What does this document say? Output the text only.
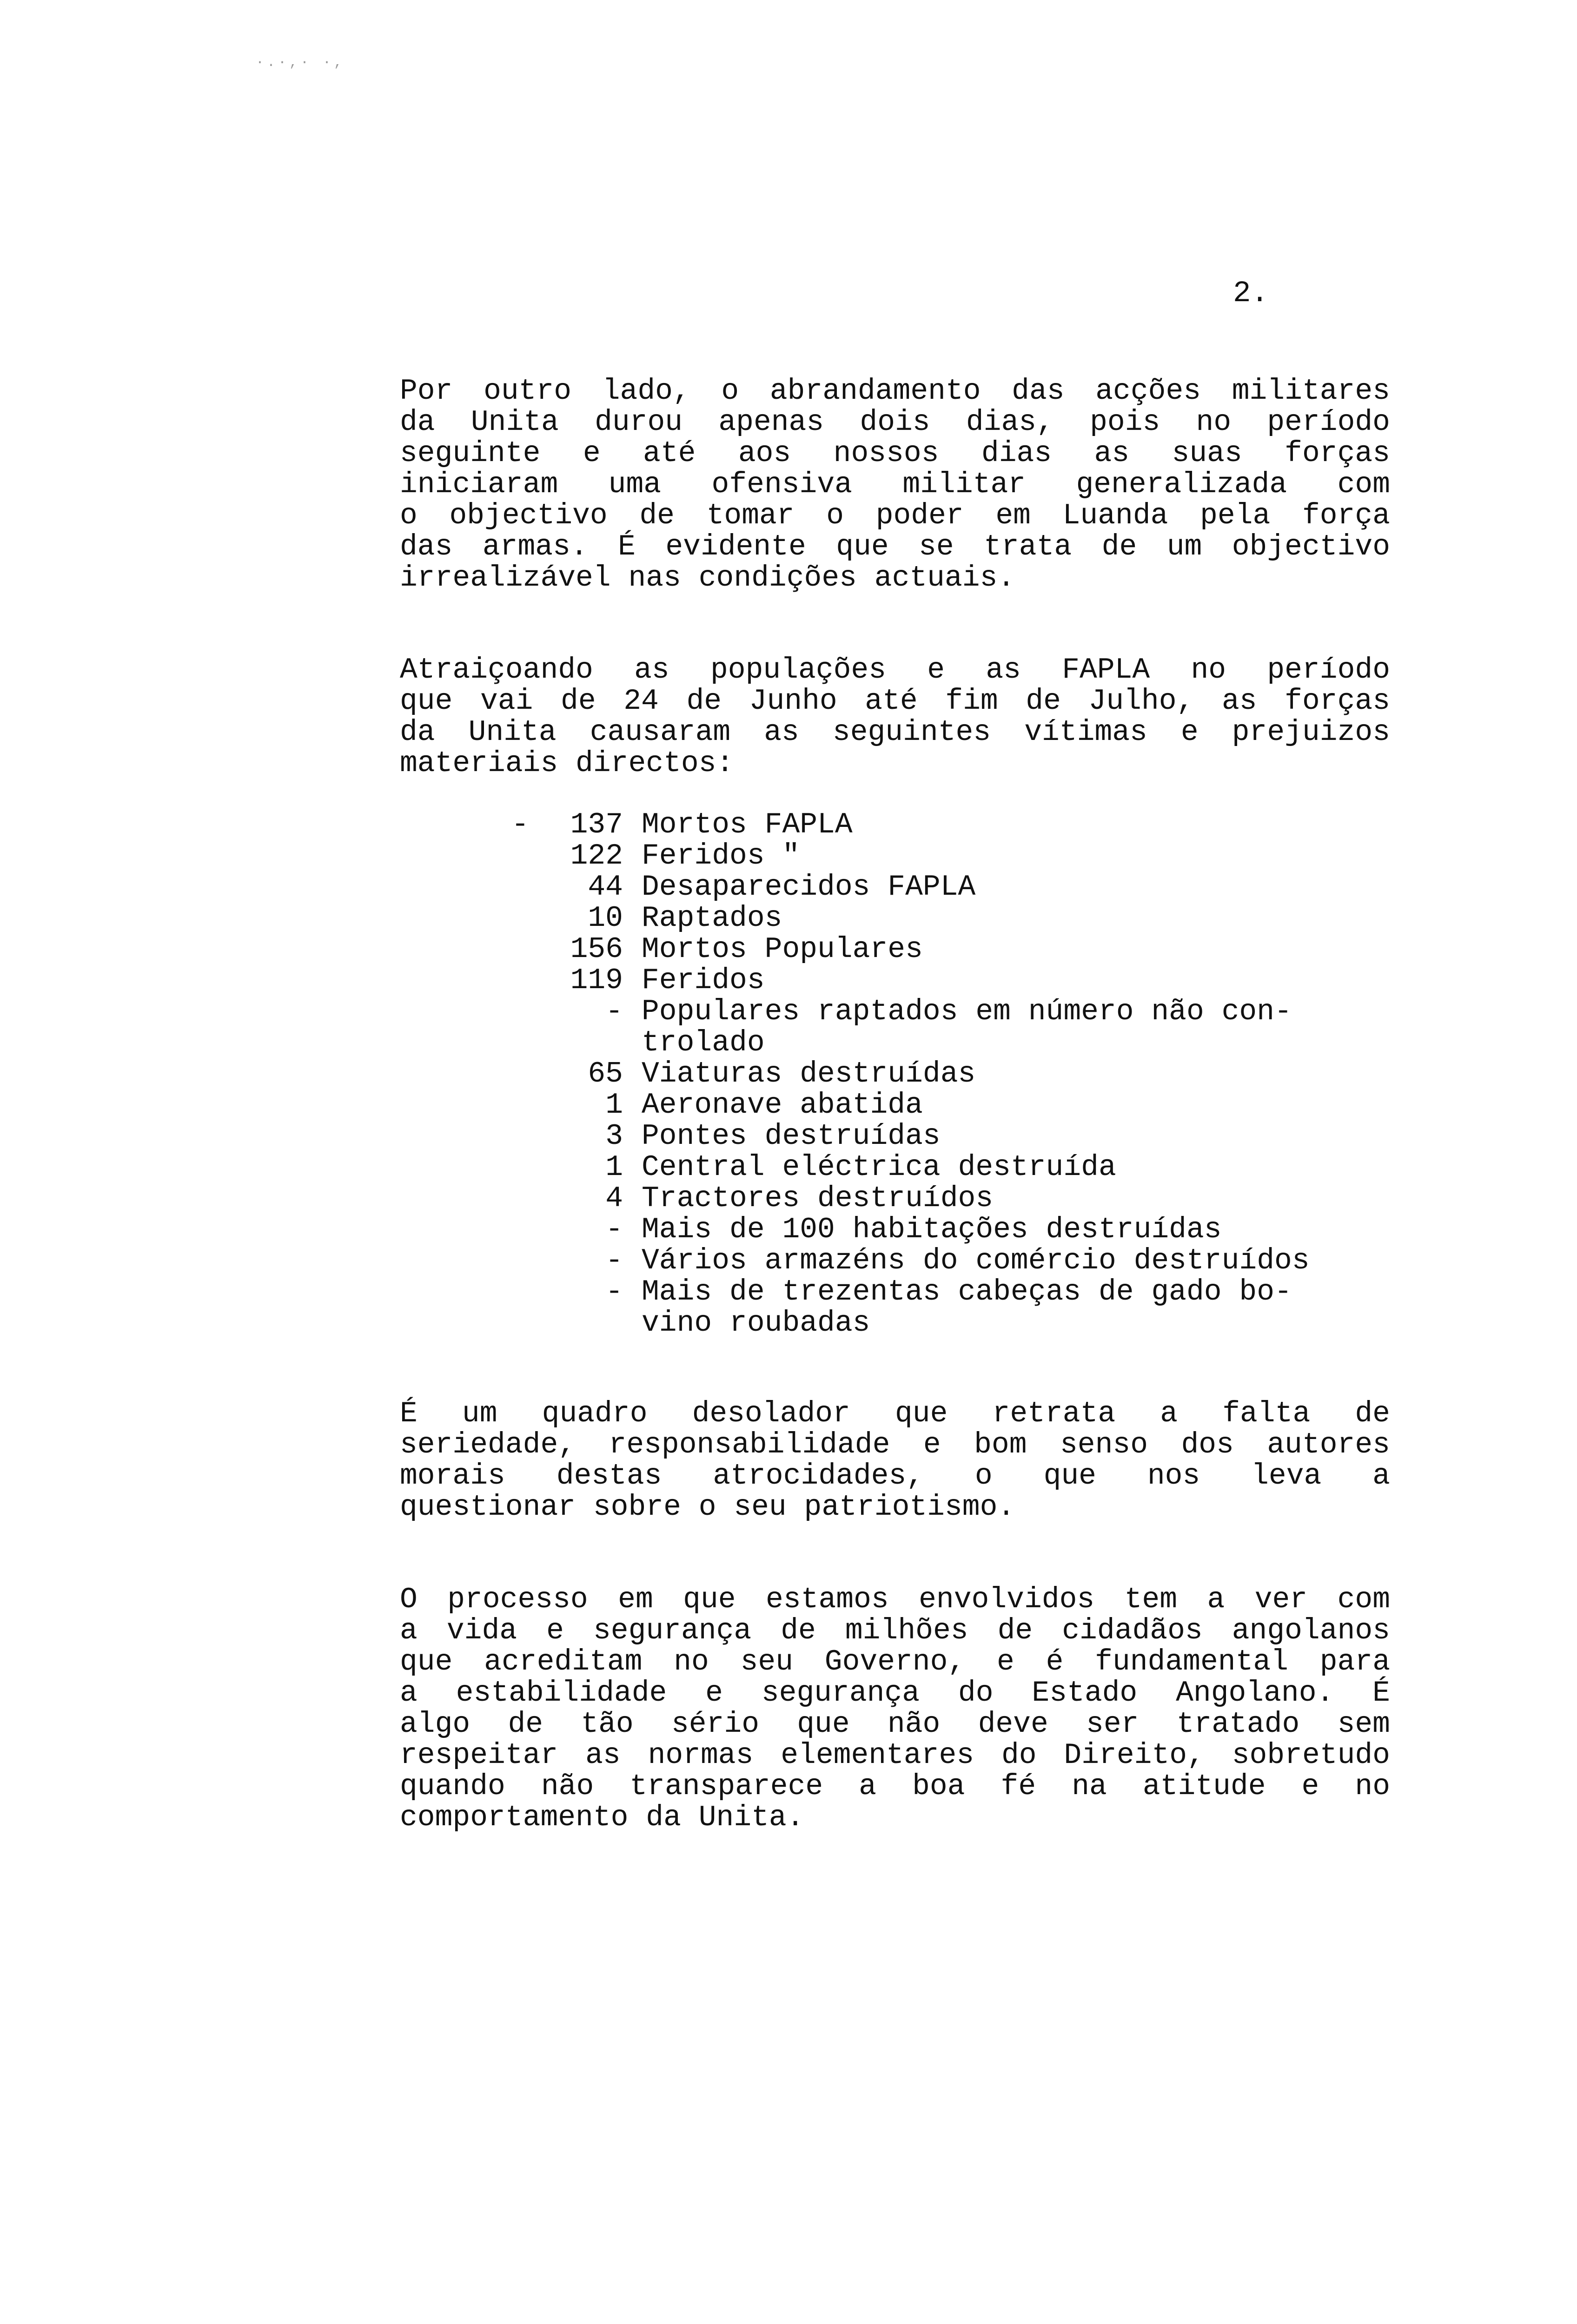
·.·,· ·,
2.
Por outro lado, o abrandamento das acções militares
da Unita durou apenas dois dias, pois no período
seguinte e até aos nossos dias as suas forças
iniciaram uma ofensiva militar generalizada com
o objectivo de tomar o poder em Luanda pela força
das armas. É evidente que se trata de um objectivo
irrealizável nas condições actuais.
Atraiçoando as populações e as FAPLA no período
que vai de 24 de Junho até fim de Julho, as forças
da Unita causaram as seguintes vítimas e prejuizos
materiais directos:
-	137 Mortos FAPLA
122 Feridos "
44 Desaparecidos FAPLA
10 Raptados
156 Mortos Populares
119 Feridos
- Populares raptados em número não con-
trolado
65 Viaturas destruídas
1 Aeronave abatida
3 Pontes destruídas
1 Central eléctrica destruída
4 Tractores destruídos
- Mais de 100 habitações destruídas
- Vários armazéns do comércio destruídos
- Mais de trezentas cabeças de gado bo-
vino roubadas
É um quadro desolador que retrata a falta de
seriedade, responsabilidade e bom senso dos autores
morais destas atrocidades, o que nos leva a
questionar sobre o seu patriotismo.
O processo em que estamos envolvidos tem a ver com
a vida e segurança de milhões de cidadãos angolanos
que acreditam no seu Governo, e é fundamental para
a estabilidade e segurança do Estado Angolano. É
algo de tão sério que não deve ser tratado sem
respeitar as normas elementares do Direito, sobretudo
quando não transparece a boa fé na atitude e no
comportamento da Unita.
